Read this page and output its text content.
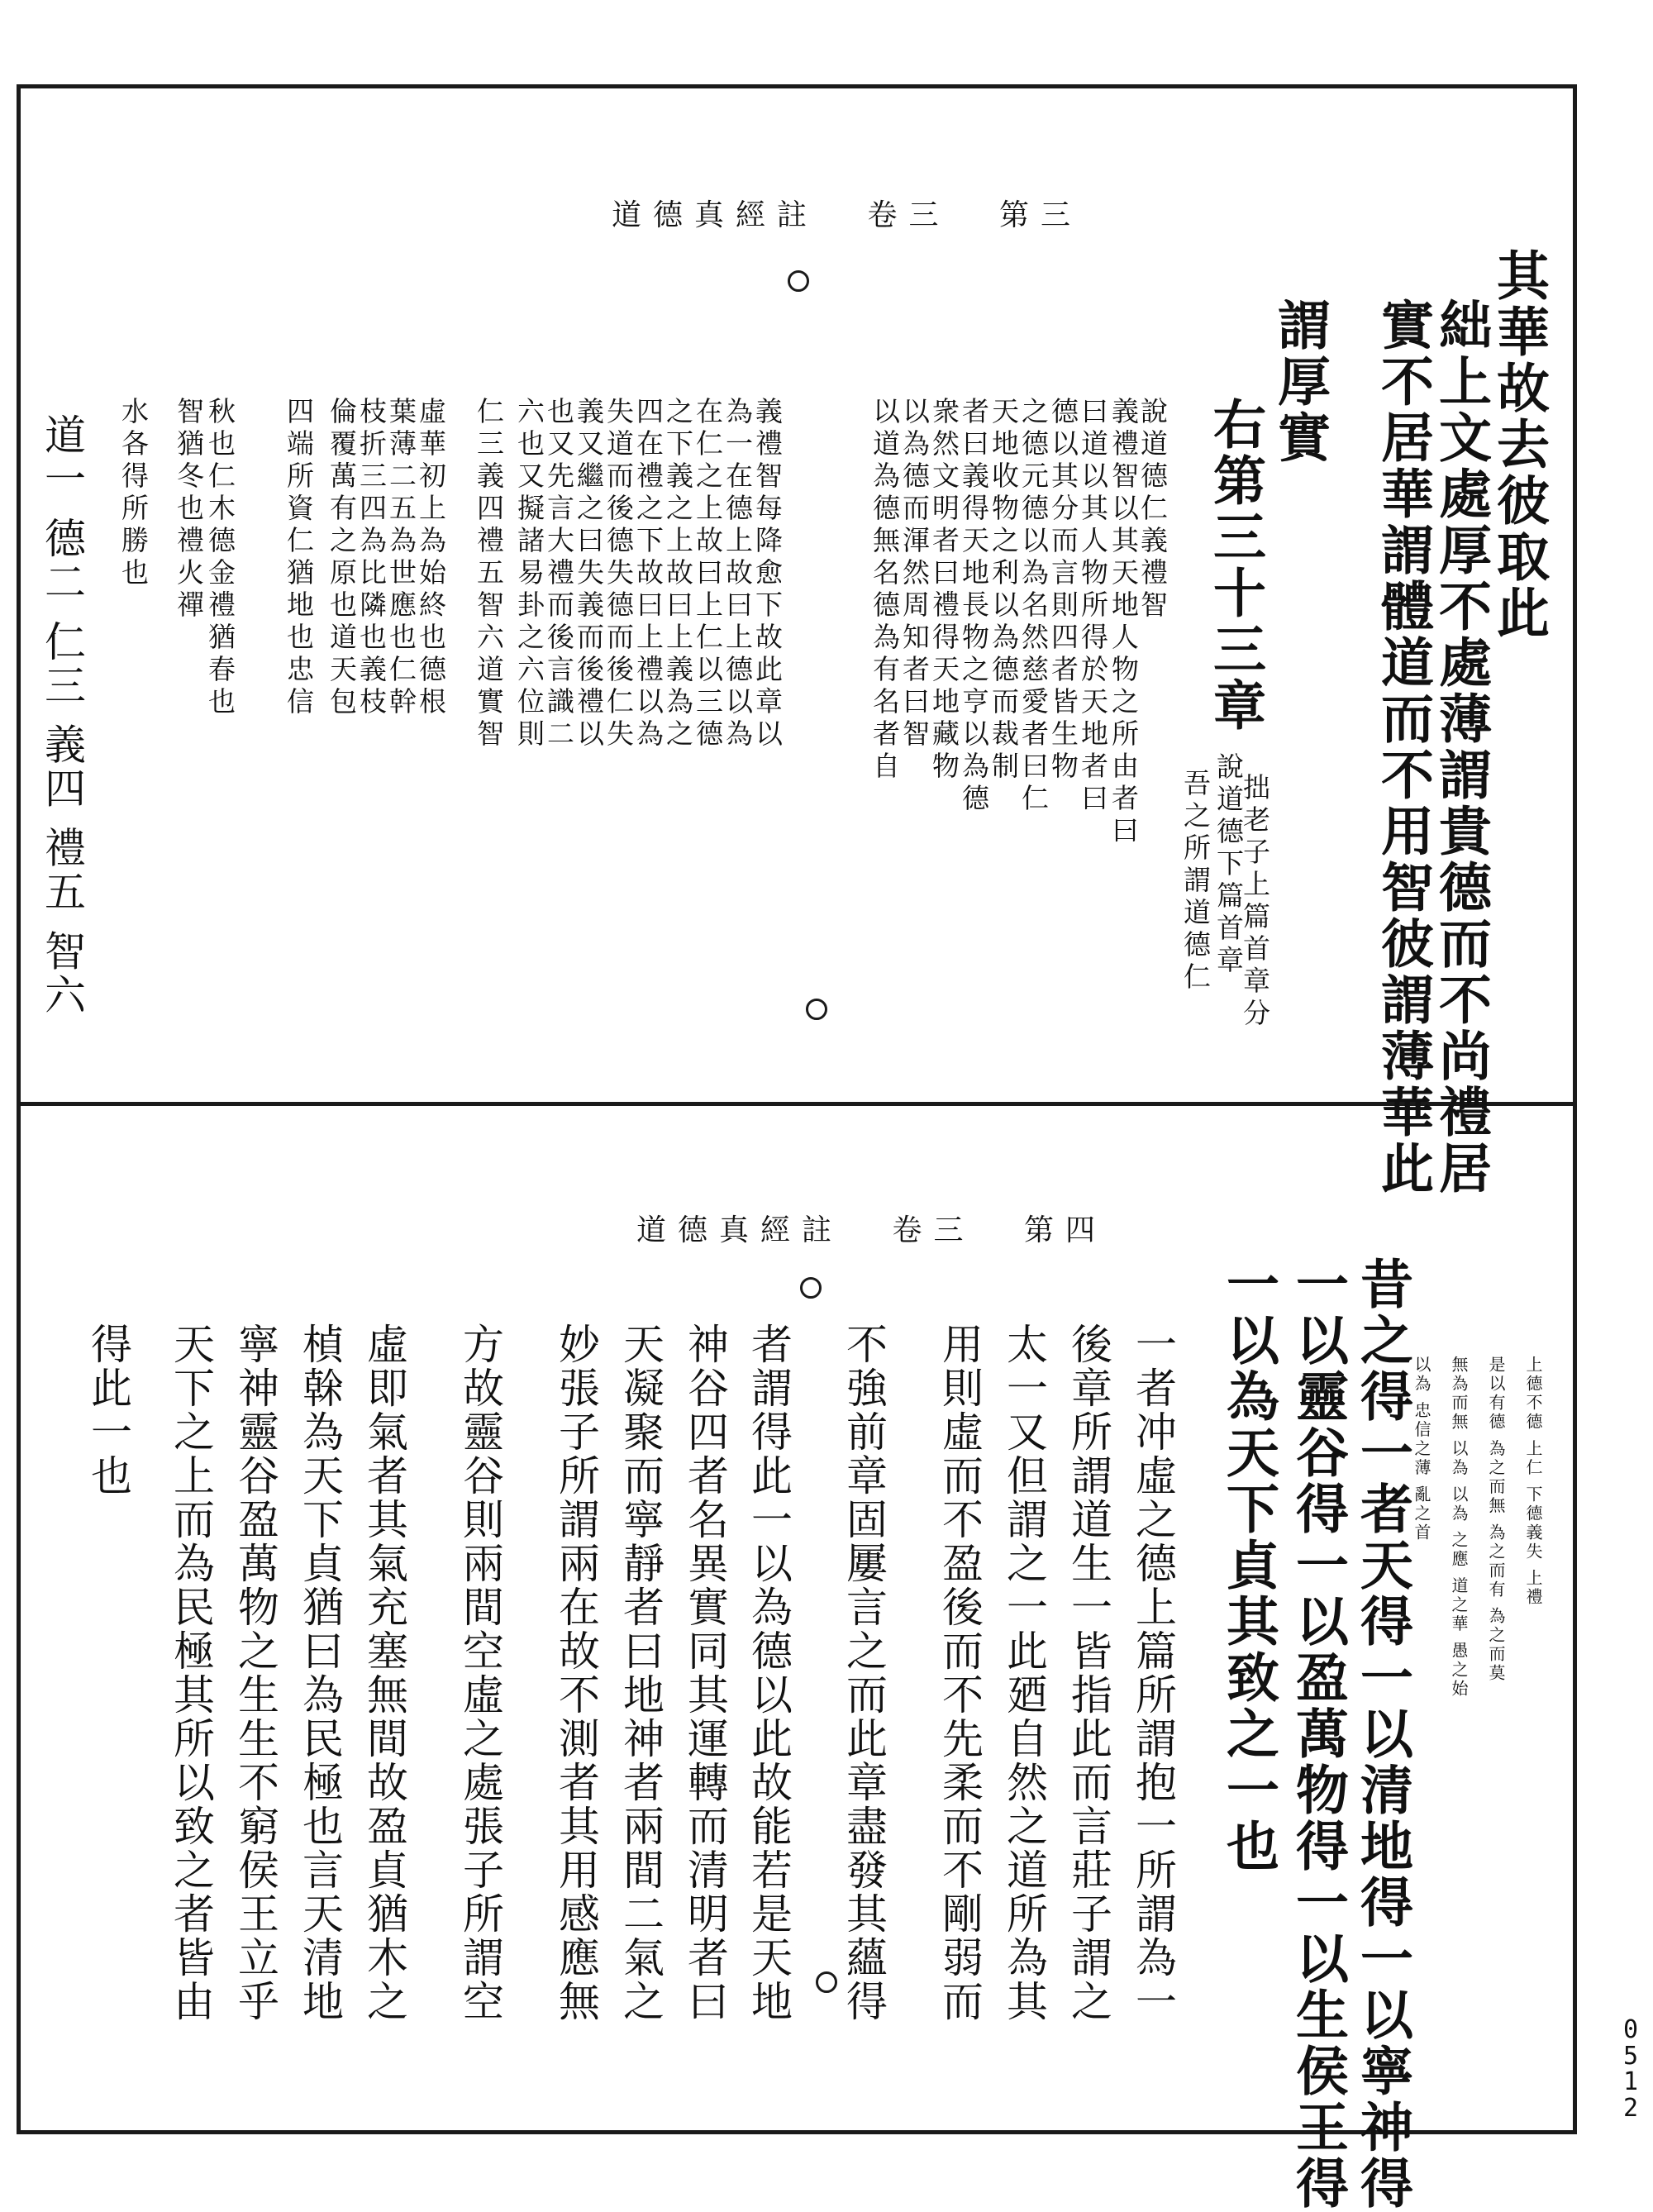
道德真經註 卷三 第三
其華故去彼取此
絀上文處厚不處薄謂貴德而不尚禮居
實不居華謂體道而不用智彼謂薄華此
謂厚實
右第三十三章
說道德下篇首章
拙老子上篇首章分
吾之所謂道德仁
說道德仁義禮智
義禮智以其天地人物之所由者曰
曰道以其人物所得於天地者曰
德以其分而言則四者皆生物
之德元德以為名然慈愛者曰仁
天地收物之利以為德而裁制
者曰義得天地長物之亨以為德
衆然文明者曰禮得天地藏物
以為德而渾然周知者曰智
以道為德無名德為有名者自
義禮智每降愈下故此章以
為一在德上故曰上德以為
在仁之上故曰上仁以三德
之下義之上故曰上義為之
四在禮之下故曰上禮以為
失道而後德失德而後仁失
義又繼之曰失義而後禮以
也又先言大禮而後言識二
六也又擬諸易卦之六位則
仁三義四禮五智六道實智
虛華初上為始終也德根
葉薄二五為世應也仁幹
枝折三四為比隣也義枝
倫覆萬有之原也道天包
四端所資仁猶地也忠信
秋也仁木德金禮猶春也
智猶冬也禮火禪
水各得所勝也
道一 德二 仁三 義四 禮五 智六
道德真經註 卷三 第四
昔之得一者天得一以清地得一以寧神得
一以靈谷得一以盈萬物得一以生侯王得
一以為天下貞其致之一也	上德不德 上仁 下德義失 上禮
是以有德 為之而無 為之而有 為之而莫
無為而無 以為 以為 之應 道之華 愚之始
以為 忠信之薄 亂之首
一者冲虛之德上篇所謂抱一所謂為一
後章所謂道生一皆指此而言莊子謂之
太一又但謂之一此廼自然之道所為其
用則虛而不盈後而不先柔而不剛弱而
不強前章固屢言之而此章盡發其蘊得
者謂得此一以為德以此故能若是天地
神谷四者名異實同其運轉而清明者曰
天凝聚而寧靜者曰地神者兩間二氣之
妙張子所謂兩在故不測者其用感應無
方故靈谷則兩間空虛之處張子所謂空
虛即氣者其氣充塞無間故盈貞猶木之
楨榦為天下貞猶曰為民極也言天清地
寧神靈谷盈萬物之生生不窮侯王立乎
天下之上而為民極其所以致之者皆由
得此一也
0512
